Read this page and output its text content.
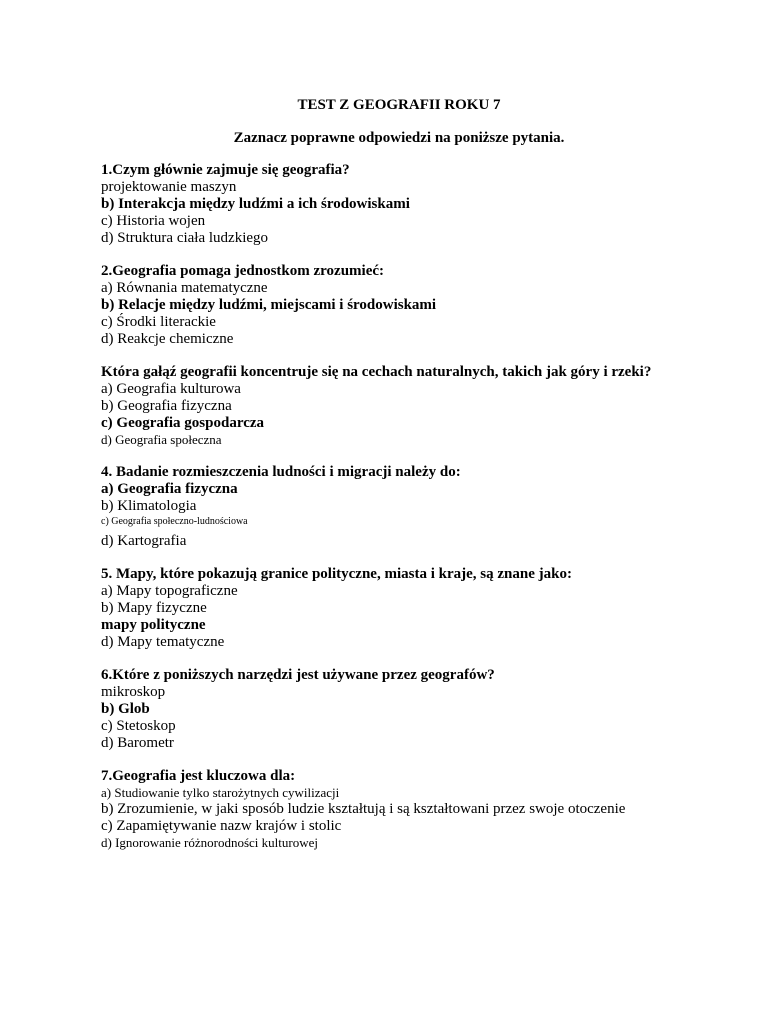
TEST Z GEOGRAFII ROKU 7
Zaznacz poprawne odpowiedzi na poniższe pytania.
1.Czym głównie zajmuje się geografia?
projektowanie maszyn
b) Interakcja między ludźmi a ich środowiskami
c) Historia wojen
d) Struktura ciała ludzkiego
2.Geografia pomaga jednostkom zrozumieć:
a) Równania matematyczne
b) Relacje między ludźmi, miejscami i środowiskami
c) Środki literackie
d) Reakcje chemiczne
Która gałąź geografii koncentruje się na cechach naturalnych, takich jak góry i rzeki?
a) Geografia kulturowa
b) Geografia fizyczna
c) Geografia gospodarcza
d) Geografia społeczna
4. Badanie rozmieszczenia ludności i migracji należy do:
a) Geografia fizyczna
b) Klimatologia
c) Geografia społeczno-ludnościowa
d) Kartografia
5. Mapy, które pokazują granice polityczne, miasta i kraje, są znane jako:
a) Mapy topograficzne
b) Mapy fizyczne
mapy polityczne
d) Mapy tematyczne
6.Które z poniższych narzędzi jest używane przez geografów?
mikroskop
b) Glob
c) Stetoskop
d) Barometr
7.Geografia jest kluczowa dla:
a) Studiowanie tylko starożytnych cywilizacji
b) Zrozumienie, w jaki sposób ludzie kształtują i są kształtowani przez swoje otoczenie
c) Zapamiętywanie nazw krajów i stolic
d) Ignorowanie różnorodności kulturowej
